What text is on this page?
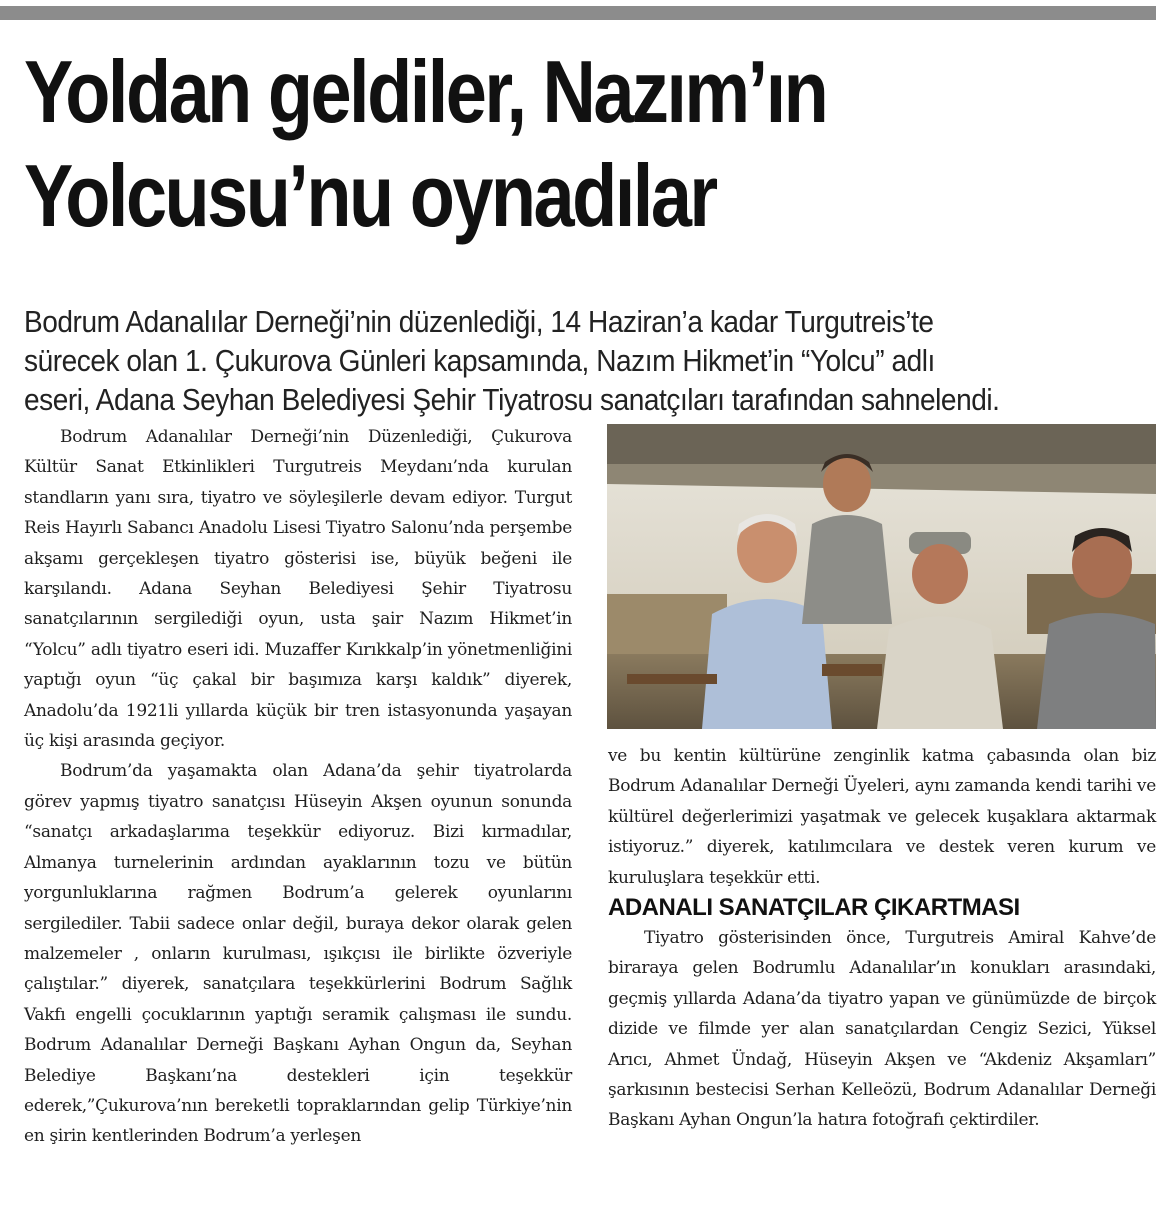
Yoldan geldiler, Nazım’ın
Yolcusu’nu oynadılar
Bodrum Adanalılar Derneği’nin düzenlediği, 14 Haziran’a kadar Turgutreis’te
sürecek olan 1. Çukurova Günleri kapsamında, Nazım Hikmet’in “Yolcu” adlı
eseri, Adana Seyhan Belediyesi Şehir Tiyatrosu sanatçıları tarafından sahnelendi.

Bodrum Adanalılar Derneği’nin Düzenlediği, Çukurova Kültür Sanat Etkinlikleri Turgutreis Meydanı’nda kurulan standların yanı sıra, tiyatro ve söyleşilerle devam ediyor. Turgut Reis Hayırlı Sabancı Anadolu Lisesi Tiyatro Salonu’nda perşembe akşamı gerçekleşen tiyatro gösterisi ise, büyük beğeni ile karşılandı. Adana Seyhan Belediyesi Şehir Tiyatrosu sanatçılarının sergilediği oyun, usta şair Nazım Hikmet’in “Yolcu” adlı tiyatro eseri idi. Muzaffer Kırıkkalp’in yönetmenliğini yaptığı oyun “üç çakal bir başımıza karşı kaldık” diyerek, Anadolu’da 1921li yıllarda küçük bir tren istasyonunda yaşayan üç kişi arasında geçiyor.

Bodrum’da yaşamakta olan Adana’da şehir tiyatrolarda görev yapmış tiyatro sanatçısı Hüseyin Akşen oyunun sonunda “sanatçı arkadaşlarıma teşekkür ediyoruz. Bizi kırmadılar, Almanya turnelerinin ardından ayaklarının tozu ve bütün yorgunluklarına rağmen Bodrum’a gelerek oyunlarını sergilediler. Tabii sadece onlar değil, buraya dekor olarak gelen malzemeler , onların kurulması, ışıkçısı ile birlikte özveriyle çalıştılar.” diyerek, sanatçılara teşekkürlerini Bodrum Sağlık Vakfı engelli çocuklarının yaptığı seramik çalışması ile sundu. Bodrum Adanalılar Derneği Başkanı Ayhan Ongun da, Seyhan Belediye Başkanı’na destekleri için teşekkür ederek,”Çukurova’nın bereketli topraklarından gelip Türkiye’nin en şirin kentlerinden Bodrum’a yerleşen

ve bu kentin kültürüne zenginlik katma çabasında olan biz Bodrum Adanalılar Derneği Üyeleri, aynı zamanda kendi tarihi ve kültürel değerlerimizi yaşatmak ve gelecek kuşaklara aktarmak istiyoruz.” diyerek, katılımcılara ve destek veren kurum ve kuruluşlara teşekkür etti.

ADANALI SANATÇILAR ÇIKARTMASI

Tiyatro gösterisinden önce, Turgutreis Amiral Kahve’de biraraya gelen Bodrumlu Adanalılar’ın konukları arasındaki, geçmiş yıllarda Adana’da tiyatro yapan ve günümüzde de birçok dizide ve filmde yer alan sanatçılardan Cengiz Sezici, Yüksel Arıcı, Ahmet Ündağ, Hüseyin Akşen ve “Akdeniz Akşamları” şarkısının bestecisi Serhan Kelleözü, Bodrum Adanalılar Derneği Başkanı Ayhan Ongun’la hatıra fotoğrafı çektirdiler.
